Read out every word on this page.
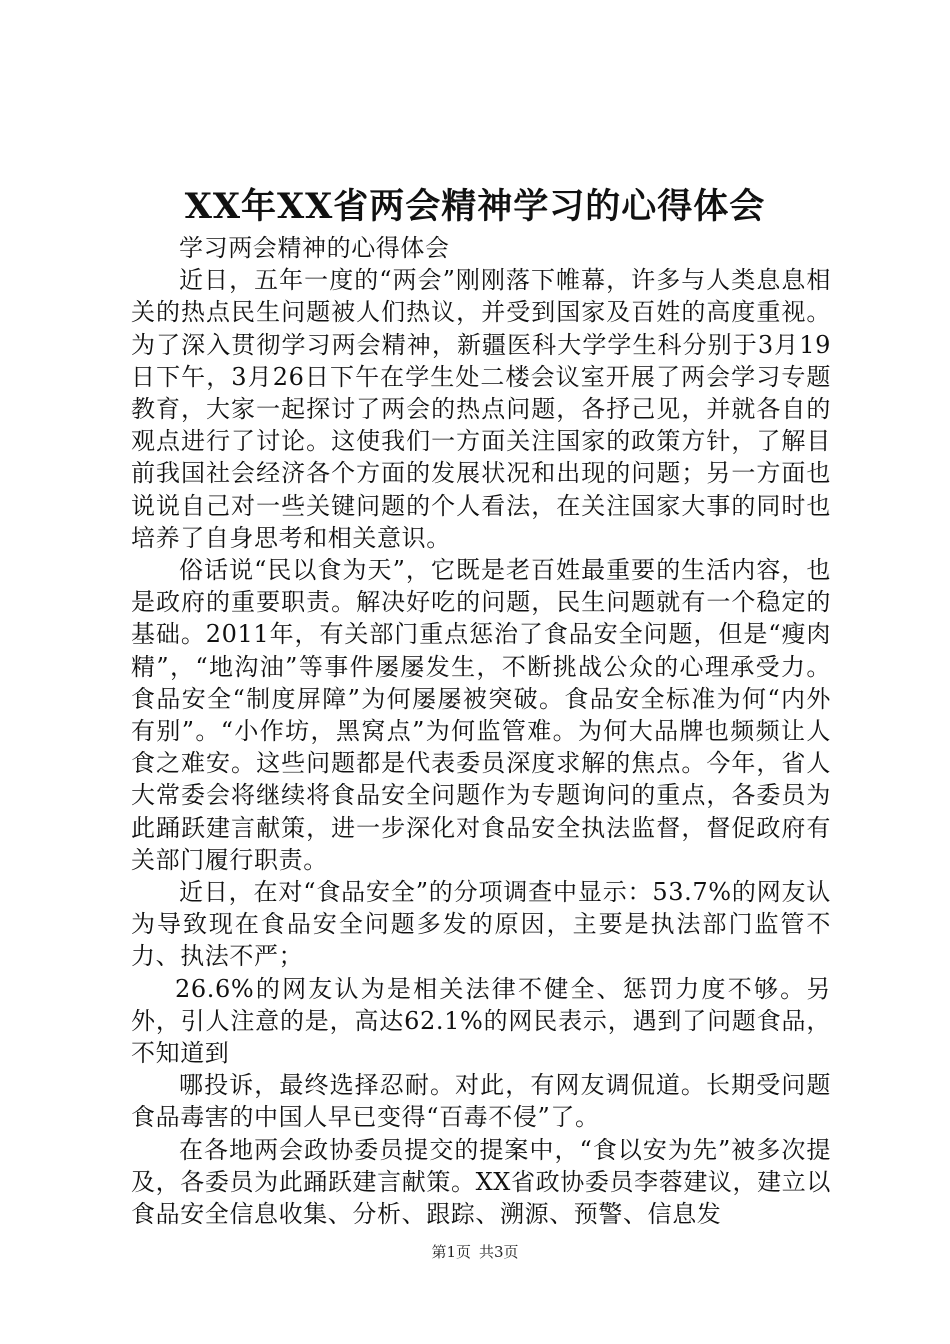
XX年XX省两会精神学习的心得体会

学习两会精神的心得体会

近日，五年一度的“两会”刚刚落下帷幕，许多与人类息息相关的热点民生问题被人们热议，并受到国家及百姓的高度重视。为了深入贯彻学习两会精神，新疆医科大学学生科分别于3月19日下午，3月26日下午在学生处二楼会议室开展了两会学习专题教育，大家一起探讨了两会的热点问题，各抒己见，并就各自的观点进行了讨论。这使我们一方面关注国家的政策方针，了解目前我国社会经济各个方面的发展状况和出现的问题；另一方面也说说自己对一些关键问题的个人看法，在关注国家大事的同时也培养了自身思考和相关意识。

俗话说“民以食为天”，它既是老百姓最重要的生活内容，也是政府的重要职责。解决好吃的问题，民生问题就有一个稳定的基础。2011年，有关部门重点惩治了食品安全问题，但是“瘦肉精”，“地沟油”等事件屡屡发生，不断挑战公众的心理承受力。食品安全“制度屏障”为何屡屡被突破。食品安全标准为何“内外有别”。“小作坊，黑窝点”为何监管难。为何大品牌也频频让人食之难安。这些问题都是代表委员深度求解的焦点。今年，省人大常委会将继续将食品安全问题作为专题询问的重点，各委员为此踊跃建言献策，进一步深化对食品安全执法监督，督促政府有关部门履行职责。

近日，在对“食品安全”的分项调查中显示：53.7%的网友认为导致现在食品安全问题多发的原因，主要是执法部门监管不力、执法不严；

26.6%的网友认为是相关法律不健全、惩罚力度不够。另外，引人注意的是，高达62.1%的网民表示，遇到了问题食品，不知道到

哪投诉，最终选择忍耐。对此，有网友调侃道。长期受问题食品毒害的中国人早已变得“百毒不侵”了。

在各地两会政协委员提交的提案中，“食以安为先”被多次提及，各委员为此踊跃建言献策。XX省政协委员李蓉建议，建立以食品安全信息收集、分析、跟踪、溯源、预警、信息发

第1页 共3页
